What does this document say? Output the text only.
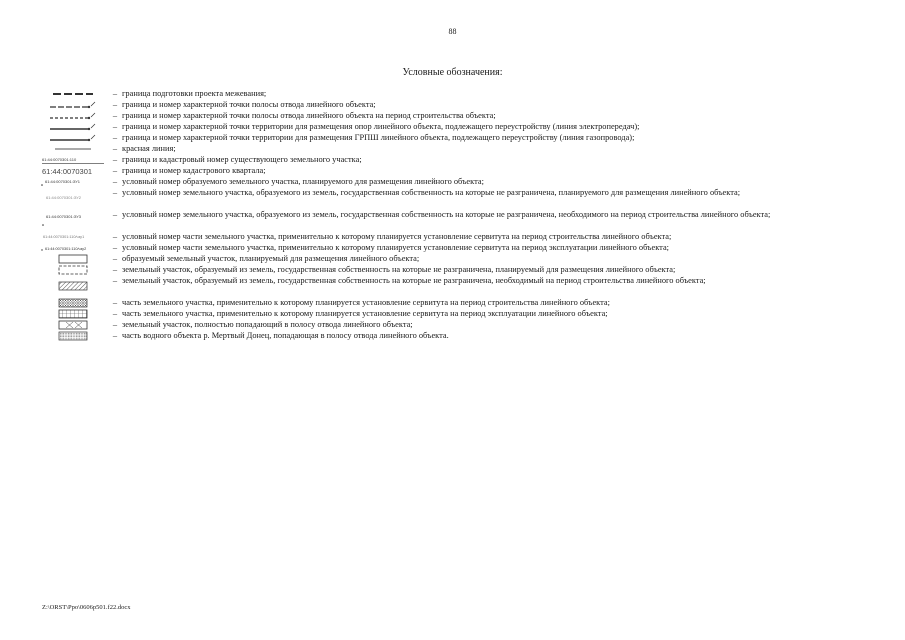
88
Условные обозначения:
– граница подготовки проекта межевания;
– граница и номер характерной точки полосы отвода линейного объекта;
– граница и номер характерной точки полосы отвода линейного объекта на период строительства объекта;
– граница и номер характерной точки территории для размещения опор линейного объекта, подлежащего переустройству (линия электропередач);
– граница и номер характерной точки территории для размещения ГРПШ линейного объекта, подлежащего переустройству (линия газопровода);
– красная линия;
61:44:0070301:110	– граница и кадастровый номер существующего земельного участка;
61:44:0070301	– граница и номер кадастрового квартала;
61:44:0070301:ЗУ1	– условный номер образуемого земельного участка, планируемого для размещения линейного объекта;
61:44:0070301:ЗУ2
– условный номер земельного участка, образуемого из земель, государственная собственность на которые не разграничена, планируемого для размещения линейного объекта;
61:44:0070301:ЗУ3	– условный номер земельного участка, образуемого из земель, государственная собственность на которые не разграничена, необходимого на период строительства линейного объекта;
61:44:0070301:110/чзу1	– условный номер части земельного участка, применительно к которому планируется установление сервитута на период строительства линейного объекта;
61:44:0070301:110/чзу2	– условный номер части земельного участка, применительно к которому планируется установление сервитута на период эксплуатации линейного объекта;
– образуемый земельный участок, планируемый для размещения линейного объекта;
– земельный участок, образуемый из земель, государственная собственность на которые не разграничена, планируемый для размещения линейного объекта;
– земельный участок, образуемый из земель, государственная собственность на которые не разграничена, необходимый на период строительства линейного объекта;
– часть земельного участка, применительно к которому планируется установление сервитута на период строительства линейного объекта;
– часть земельного участка, применительно к которому планируется установление сервитута на период эксплуатации линейного объекта;
– земельный участок, полностью попадающий в полосу отвода линейного объекта;
– часть водного объекта р. Мертвый Донец, попадающая в полосу отвода линейного объекта.
Z:\ORST\Ppo\0606p501.f22.docx
